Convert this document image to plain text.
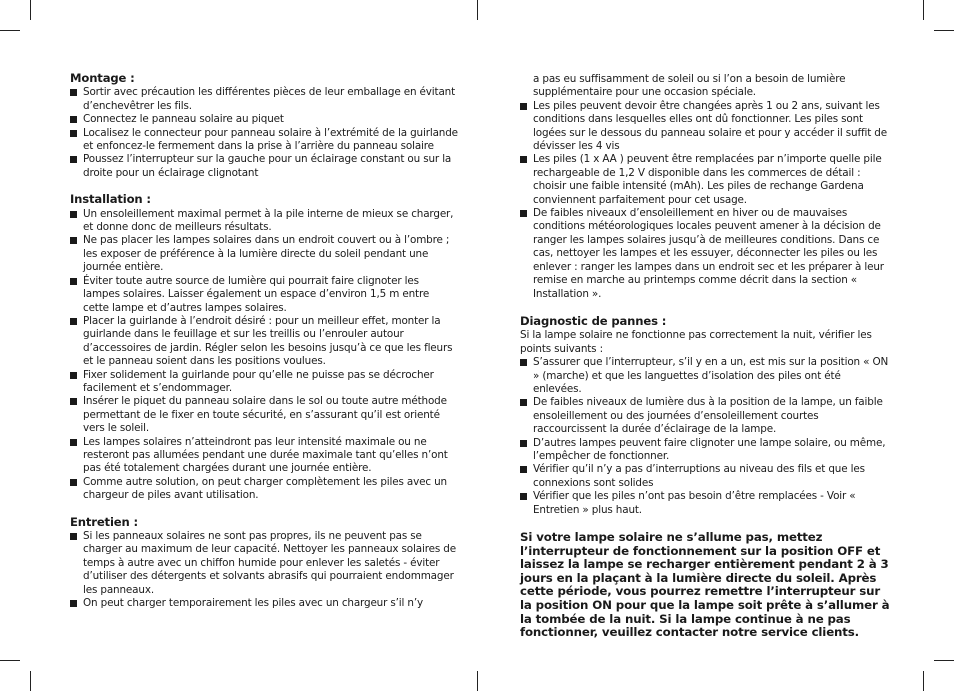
Montage :
Sortir avec précaution les différentes pièces de leur emballage en évitant d’enchevêtrer les fils.
Connectez le panneau solaire au piquet
Localisez le connecteur pour panneau solaire à l’extrémité de la guirlande et enfoncez-le fermement dans la prise à l’arrière du panneau solaire
Poussez l’interrupteur sur la gauche pour un éclairage constant ou sur la droite pour un éclairage clignotant
Installation :
Un ensoleillement maximal permet à la pile interne de mieux se charger, et donne donc de meilleurs résultats.
Ne pas placer les lampes solaires dans un endroit couvert ou à l’ombre ; les exposer de préférence à la lumière directe du soleil pendant une journée entière.
Éviter toute autre source de lumière qui pourrait faire clignoter les lampes solaires. Laisser également un espace d’environ 1,5 m entre cette lampe et d’autres lampes solaires.
Placer la guirlande à l’endroit désiré : pour un meilleur effet, monter la guirlande dans le feuillage et sur les treillis ou l’enrouler autour d’accessoires de jardin. Régler selon les besoins jusqu’à ce que les fleurs et le panneau soient dans les positions voulues.
Fixer solidement la guirlande pour qu’elle ne puisse pas se décrocher facilement et s’endommager.
Insérer le piquet du panneau solaire dans le sol ou toute autre méthode permettant de le fixer en toute sécurité, en s’assurant qu’il est orienté vers le soleil.
Les lampes solaires n’atteindront pas leur intensité maximale ou ne resteront pas allumées pendant une durée maximale tant qu’elles n’ont pas été totalement chargées durant une journée entière.
Comme autre solution, on peut charger complètement les piles avec un chargeur de piles avant utilisation.
Entretien :
Si les panneaux solaires ne sont pas propres, ils ne peuvent pas se charger au maximum de leur capacité. Nettoyer les panneaux solaires de temps à autre avec un chiffon humide pour enlever les saletés - éviter d’utiliser des détergents et solvants abrasifs qui pourraient endommager les panneaux.
On peut charger temporairement les piles avec un chargeur s’il n’y
a pas eu suffisamment de soleil ou si l’on a besoin de lumière supplémentaire pour une occasion spéciale.
Les piles peuvent devoir être changées après 1 ou 2 ans, suivant les conditions dans lesquelles elles ont dû fonctionner. Les piles sont logées sur le dessous du panneau solaire et pour y accéder il suffit de dévisser les 4 vis
Les piles (1 x AA ) peuvent être remplacées par n’importe quelle pile rechargeable de 1,2 V disponible dans les commerces de détail : choisir une faible intensité (mAh). Les piles de rechange Gardena conviennent parfaitement pour cet usage.
De faibles niveaux d’ensoleillement en hiver ou de mauvaises conditions météorologiques locales peuvent amener à la décision de ranger les lampes solaires jusqu’à de meilleures conditions. Dans ce cas, nettoyer les lampes et les essuyer, déconnecter les piles ou les enlever : ranger les lampes dans un endroit sec et les préparer à leur remise en marche au printemps comme décrit dans la section « Installation ».
Diagnostic de pannes :

Si la lampe solaire ne fonctionne pas correctement la nuit, vérifier les points suivants :

S’assurer que l’interrupteur, s’il y en a un, est mis sur la position « ON » (marche) et que les languettes d’isolation des piles ont été enlevées.
De faibles niveaux de lumière dus à la position de la lampe, un faible ensoleillement ou des journées d’ensoleillement courtes raccourcissent la durée d’éclairage de la lampe.
D’autres lampes peuvent faire clignoter une lampe solaire, ou même, l’empêcher de fonctionner.
Vérifier qu’il n’y a pas d’interruptions au niveau des fils et que les connexions sont solides
Vérifier que les piles n’ont pas besoin d’être remplacées - Voir « Entretien » plus haut.

Si votre lampe solaire ne s’allume pas, mettez l’interrupteur de fonctionnement sur la position OFF et laissez la lampe se recharger entièrement pendant 2 à 3 jours en la plaçant à la lumière directe du soleil. Après cette période, vous pourrez remettre l’interrupteur sur la position ON pour que la lampe soit prête à s’allumer à la tombée de la nuit. Si la lampe continue à ne pas fonctionner, veuillez contacter notre service clients.
